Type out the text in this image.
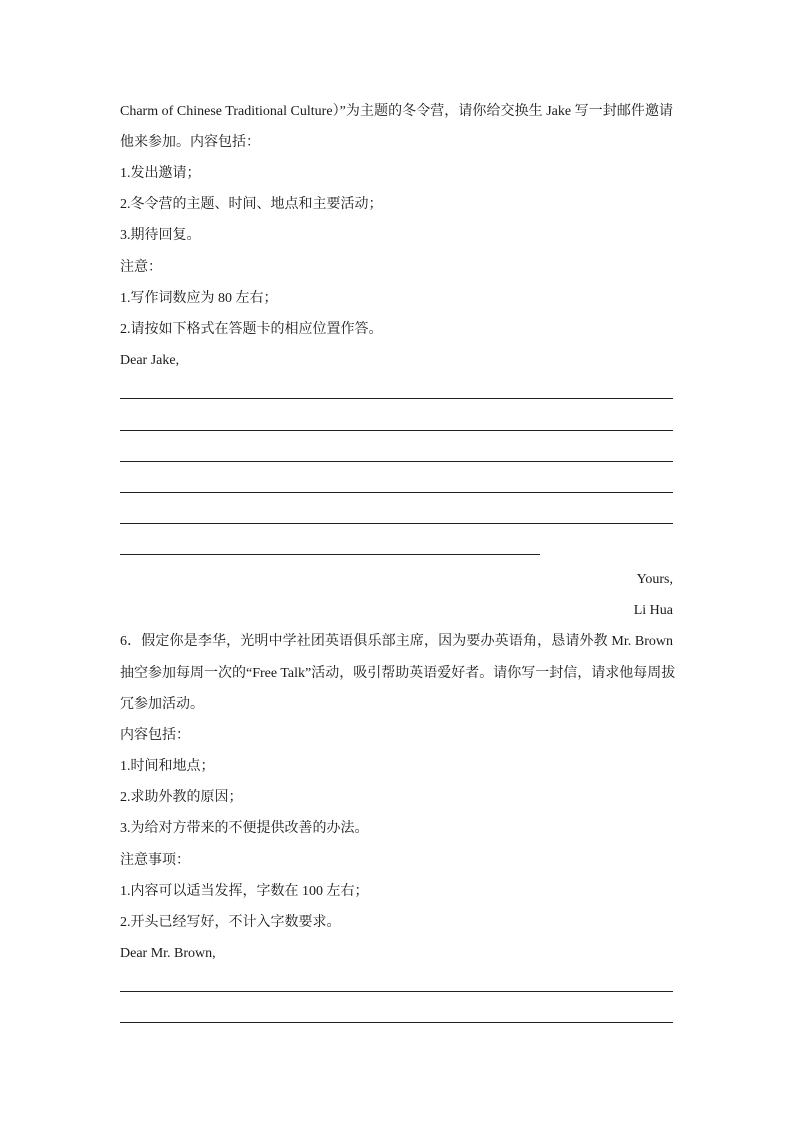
Charm of Chinese Traditional Culture）”为主题的冬令营，请你给交换生 Jake 写一封邮件邀请
他来参加。内容包括：
1.发出邀请；
2.冬令营的主题、时间、地点和主要活动；
3.期待回复。
注意：
1.写作词数应为 80 左右；
2.请按如下格式在答题卡的相应位置作答。
Dear Jake,
Yours,
Li Hua
6．假定你是李华，光明中学社团英语俱乐部主席，因为要办英语角，恳请外教 Mr. Brown
抽空参加每周一次的“Free Talk”活动，吸引帮助英语爱好者。请你写一封信，请求他每周拔
冗参加活动。
内容包括：
1.时间和地点；
2.求助外教的原因；
3.为给对方带来的不便提供改善的办法。
注意事项：
1.内容可以适当发挥，字数在 100 左右；
2.开头已经写好，不计入字数要求。
Dear Mr. Brown,
